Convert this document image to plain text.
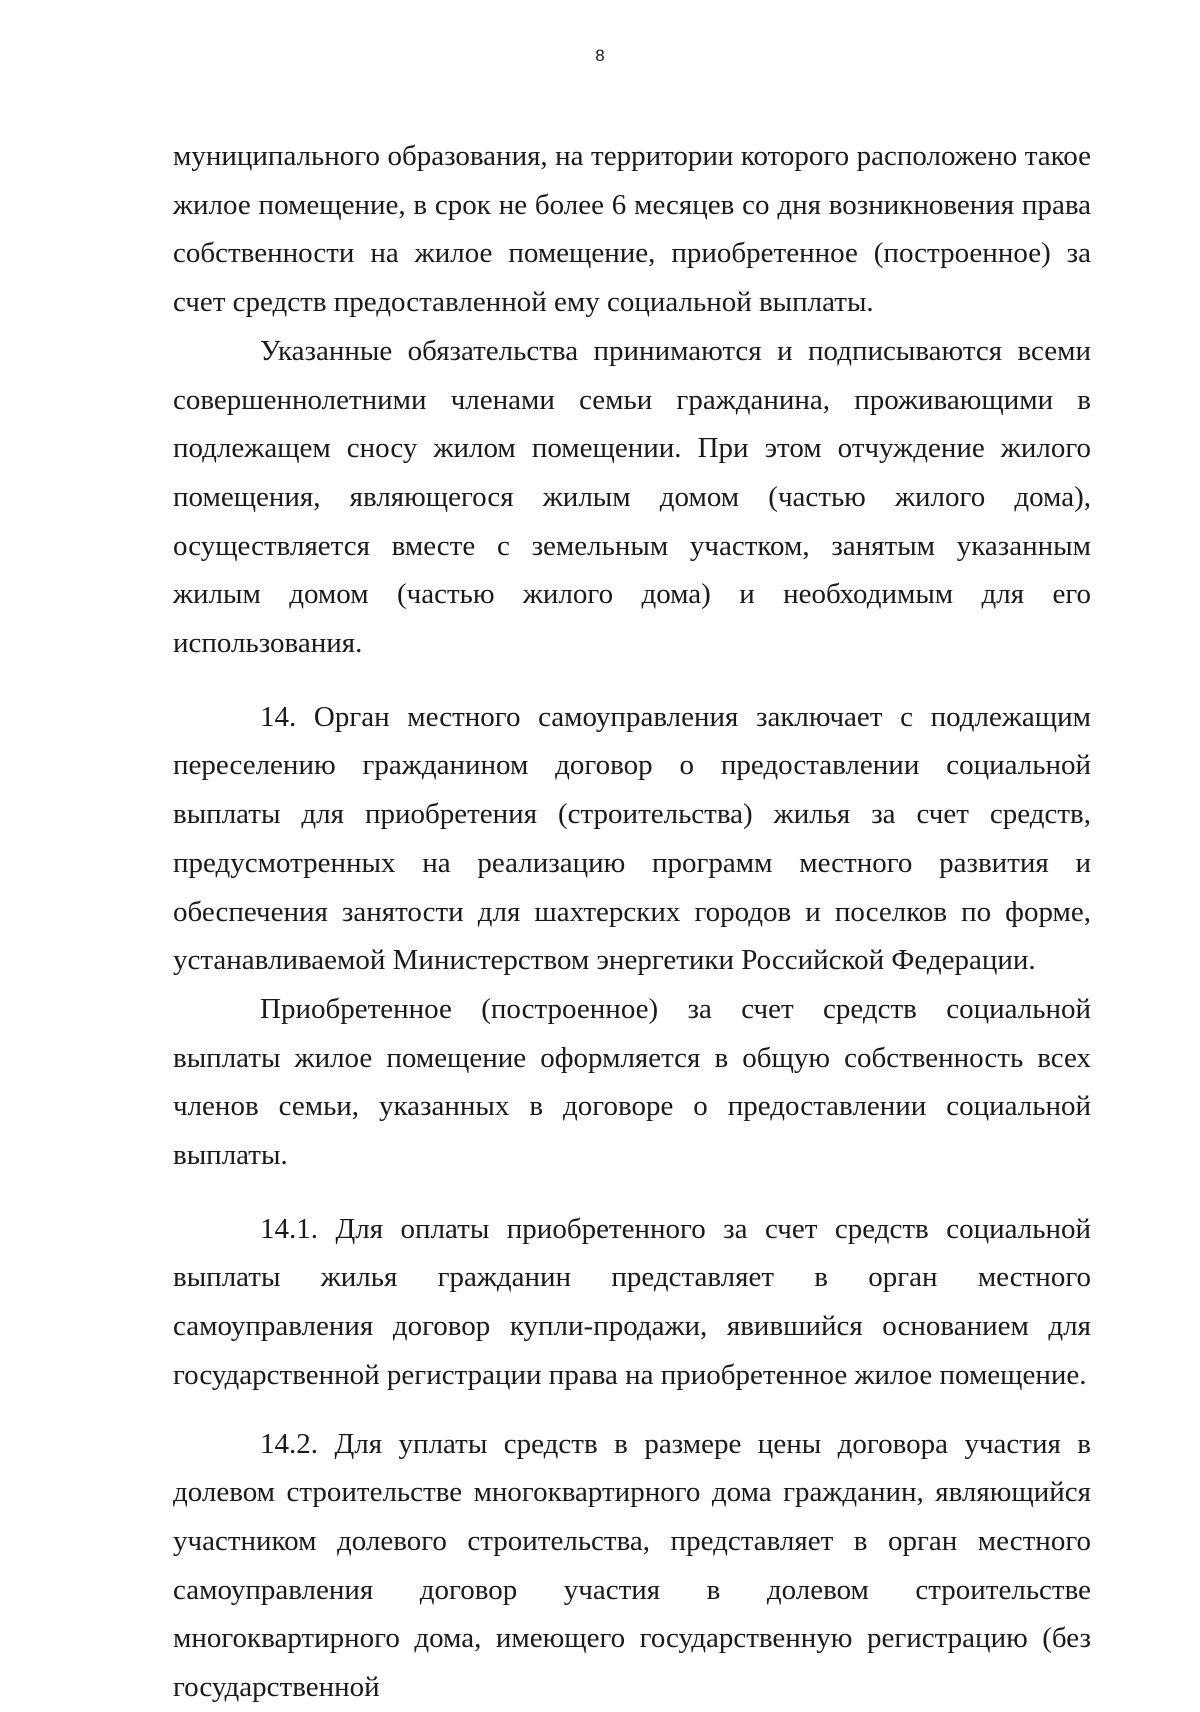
8

муниципального образования, на территории которого расположено такое жилое помещение, в срок не более 6 месяцев со дня возникновения права собственности на жилое помещение, приобретенное (построенное) за счет средств предоставленной ему социальной выплаты.

Указанные обязательства принимаются и подписываются всеми совершеннолетними членами семьи гражданина, проживающими в подлежащем сносу жилом помещении. При этом отчуждение жилого помещения, являющегося жилым домом (частью жилого дома), осуществляется вместе с земельным участком, занятым указанным жилым домом (частью жилого дома) и необходимым для его использования.

14. Орган местного самоуправления заключает с подлежащим переселению гражданином договор о предоставлении социальной выплаты для приобретения (строительства) жилья за счет средств, предусмотренных на реализацию программ местного развития и обеспечения занятости для шахтерских городов и поселков по форме, устанавливаемой Министерством энергетики Российской Федерации.

Приобретенное (построенное) за счет средств социальной выплаты жилое помещение оформляется в общую собственность всех членов семьи, указанных в договоре о предоставлении социальной выплаты.

14.1. Для оплаты приобретенного за счет средств социальной выплаты жилья гражданин представляет в орган местного самоуправления договор купли-продажи, явившийся основанием для государственной регистрации права на приобретенное жилое помещение.

14.2. Для уплаты средств в размере цены договора участия в долевом строительстве многоквартирного дома гражданин, являющийся участником долевого строительства, представляет в орган местного самоуправления договор участия в долевом строительстве многоквартирного дома, имеющего государственную регистрацию (без государственной
